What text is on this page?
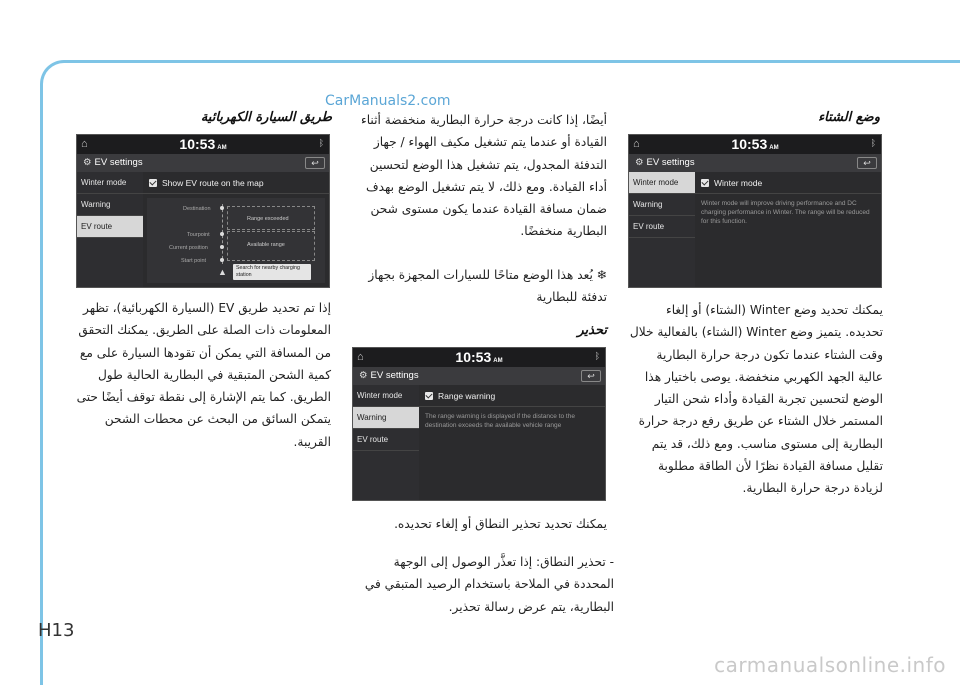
CarManuals2.com
وضع الشتاء
⌂	10:53 AM	ᛒ
⚙ EV settings	↩
Winter mode
Warning
EV route
Winter mode
Winter mode will improve driving performance and DC charging performance in Winter. The range will be reduced for this function.
يمكنك تحديد وضع Winter (الشتاء) أو إلغاء تحديده. يتميز وضع Winter (الشتاء) بالفعالية خلال وقت الشتاء عندما تكون درجة حرارة البطارية عالية الجهد الكهربي منخفضة. يوصى باختيار هذا الوضع لتحسين تجربة القيادة وأداء شحن التيار المستمر خلال الشتاء عن طريق رفع درجة حرارة البطارية إلى مستوى مناسب. ومع ذلك، قد يتم تقليل مسافة القيادة نظرًا لأن الطاقة مطلوبة لزيادة درجة حرارة البطارية.
أيضًا، إذا كانت درجة حرارة البطارية منخفضة أثناء القيادة أو عندما يتم تشغيل مكيف الهواء / جهاز التدفئة المجدول، يتم تشغيل هذا الوضع لتحسين أداء القيادة. ومع ذلك، لا يتم تشغيل الوضع بهدف ضمان مسافة القيادة عندما يكون مستوى شحن البطارية منخفضًا.
❄ يُعد هذا الوضع متاحًا للسيارات المجهزة بجهاز تدفئة للبطارية
تحذير
⌂	10:53 AM	ᛒ
⚙ EV settings	↩
Winter mode
Warning
EV route
Range warning
The range warning is displayed if the distance to the destination exceeds the available vehicle range
يمكنك تحديد تحذير النطاق أو إلغاء تحديده.
- تحذير النطاق: إذا تعذَّر الوصول إلى الوجهة المحددة في الملاحة باستخدام الرصيد المتبقي في البطارية، يتم عرض رسالة تحذير.
طريق السيارة الكهربائية
⌂	10:53 AM	ᛒ
⚙ EV settings	↩
Winter mode
Warning
EV route
Show EV route on the map
Destination
Tourpoint
Current position
Start point
Range exceeded
Available range
▲	Search for nearby charging station
إذا تم تحديد طريق EV (السيارة الكهربائية)، تظهر المعلومات ذات الصلة على الطريق. يمكنك التحقق من المسافة التي يمكن أن تقودها السيارة على مع كمية الشحن المتبقية في البطارية الحالية طول الطريق. كما يتم الإشارة إلى نقطة توقف أيضًا حتى يتمكن السائق من البحث عن محطات الشحن القريبة.
H13
carmanualsonline.info
